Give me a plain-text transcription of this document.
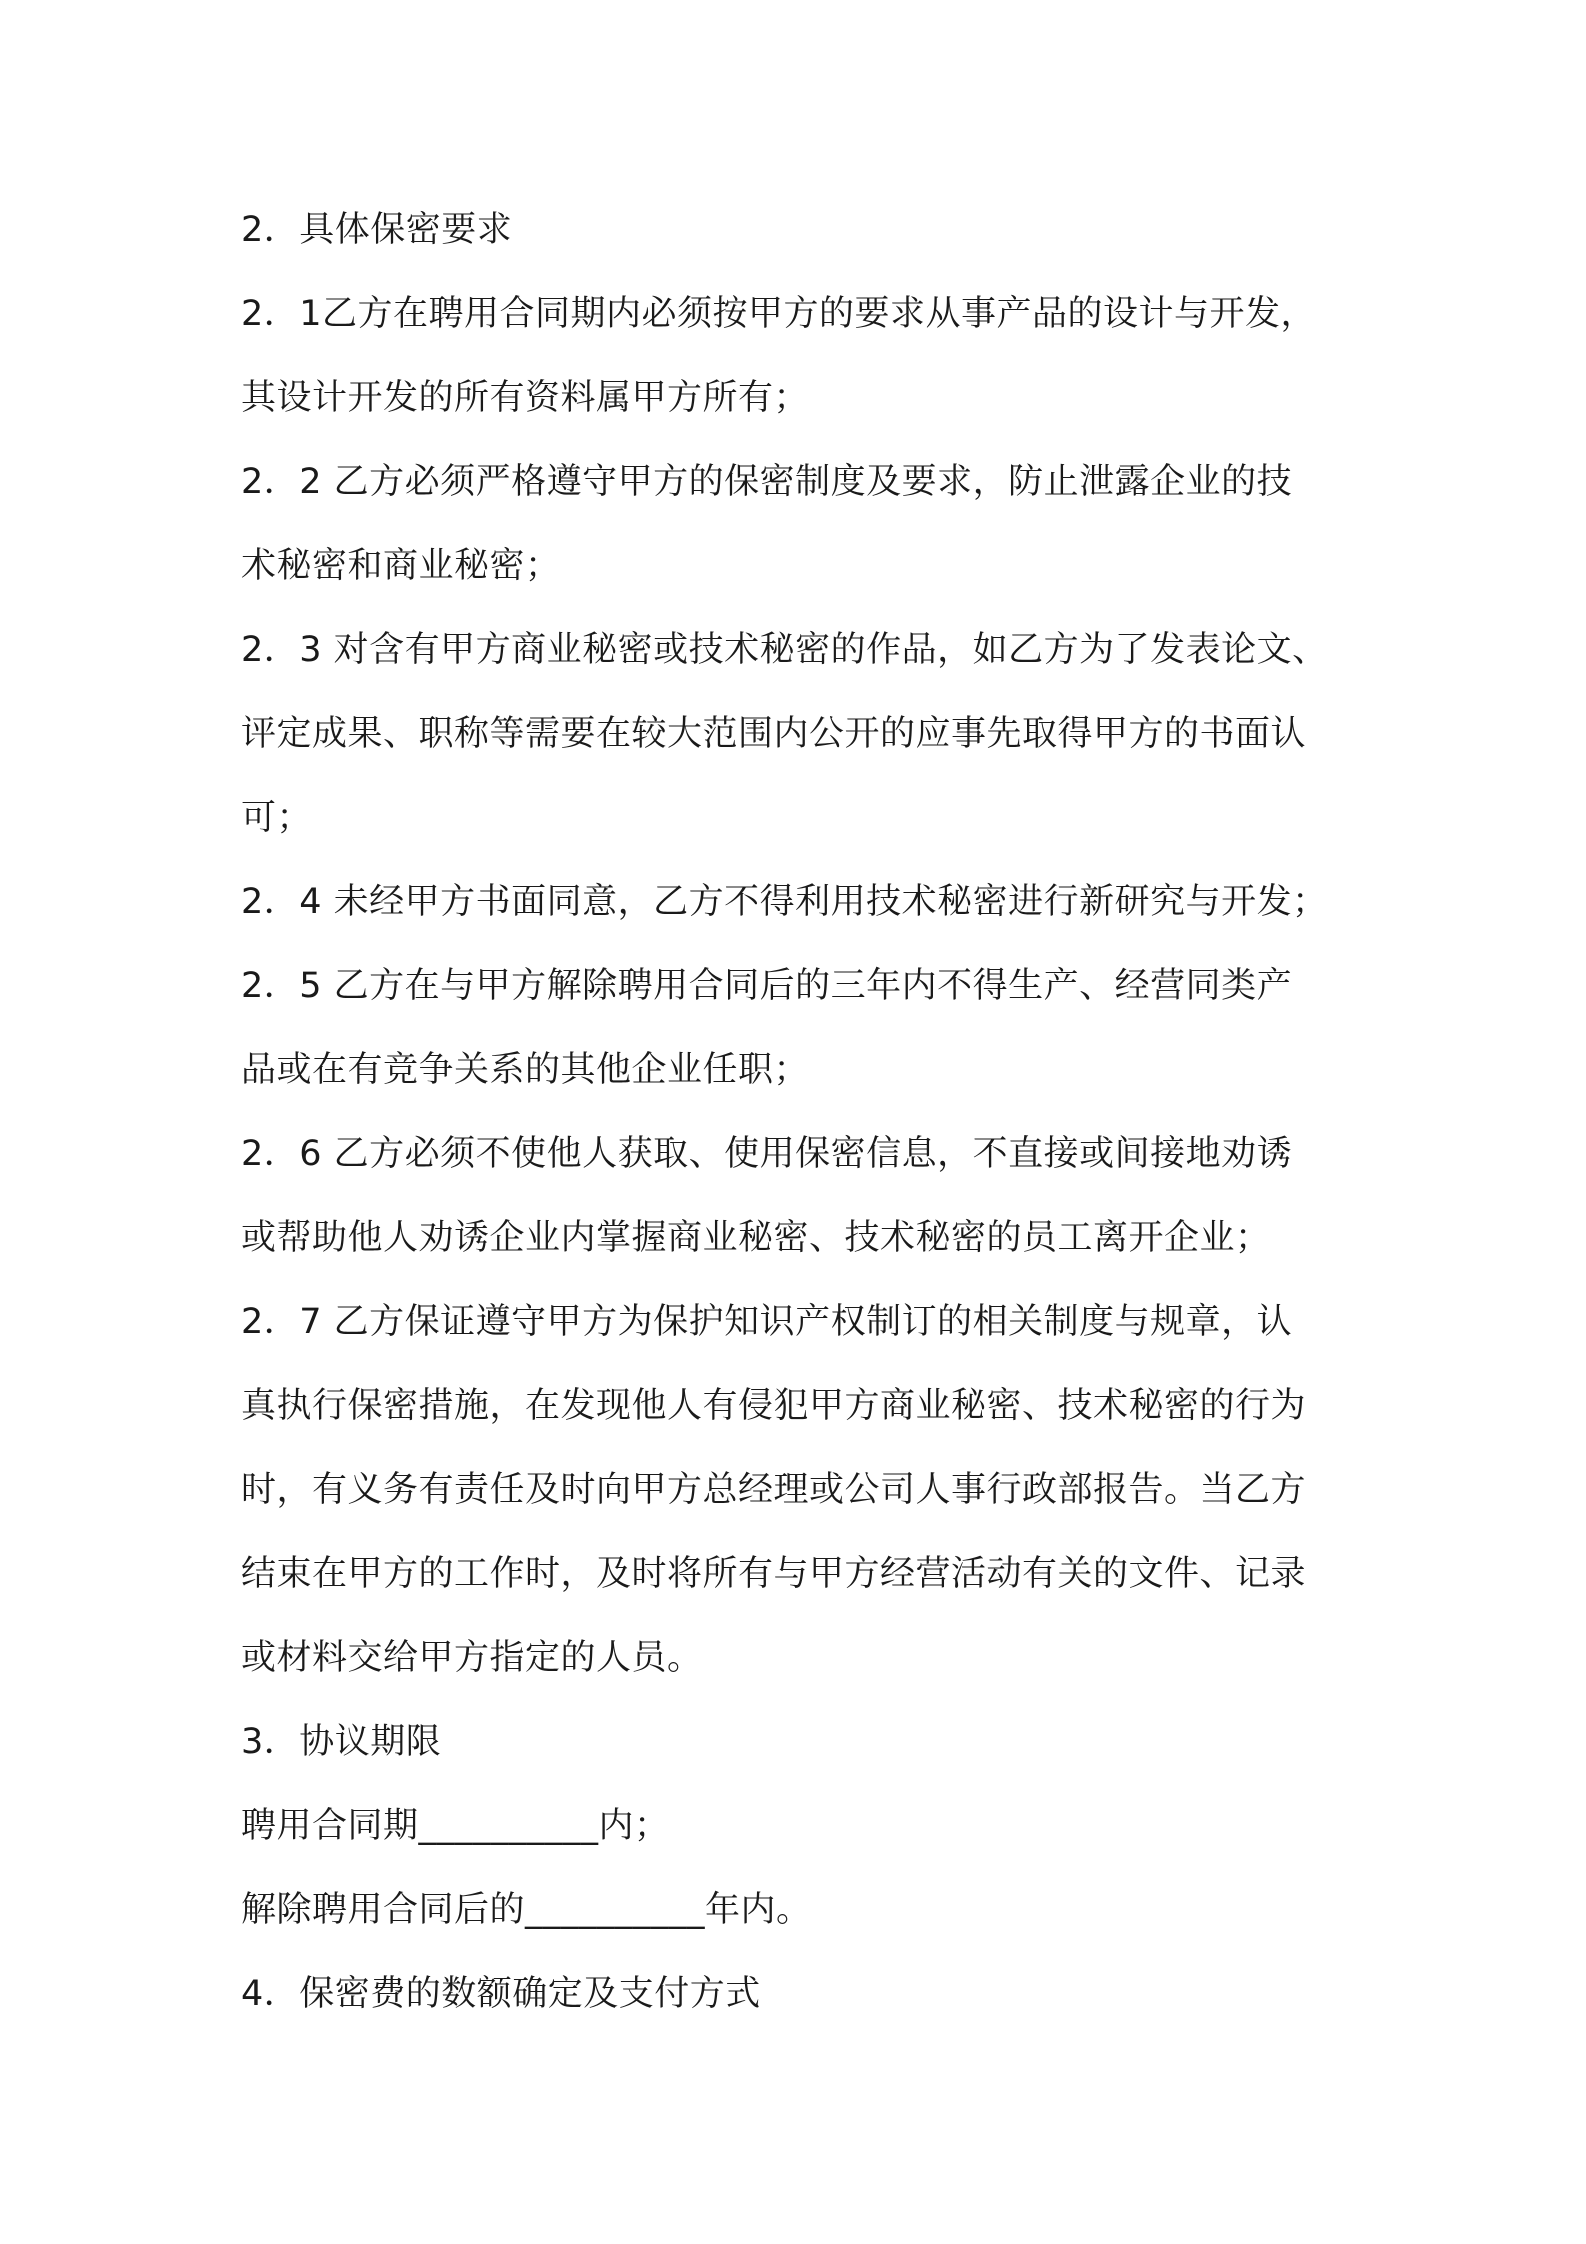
2．具体保密要求
2．1乙方在聘用合同期内必须按甲方的要求从事产品的设计与开发，
其设计开发的所有资料属甲方所有；
2．2 乙方必须严格遵守甲方的保密制度及要求，防止泄露企业的技
术秘密和商业秘密；
2．3 对含有甲方商业秘密或技术秘密的作品，如乙方为了发表论文、
评定成果、职称等需要在较大范围内公开的应事先取得甲方的书面认
可；
2．4 未经甲方书面同意，乙方不得利用技术秘密进行新研究与开发；
2．5 乙方在与甲方解除聘用合同后的三年内不得生产、经营同类产
品或在有竞争关系的其他企业任职；
2．6 乙方必须不使他人获取、使用保密信息，不直接或间接地劝诱
或帮助他人劝诱企业内掌握商业秘密、技术秘密的员工离开企业；
2．7 乙方保证遵守甲方为保护知识产权制订的相关制度与规章，认
真执行保密措施，在发现他人有侵犯甲方商业秘密、技术秘密的行为
时，有义务有责任及时向甲方总经理或公司人事行政部报告。当乙方
结束在甲方的工作时，及时将所有与甲方经营活动有关的文件、记录
或材料交给甲方指定的人员。
3．协议期限
聘用合同期__________内；
解除聘用合同后的__________年内。
4．保密费的数额确定及支付方式
